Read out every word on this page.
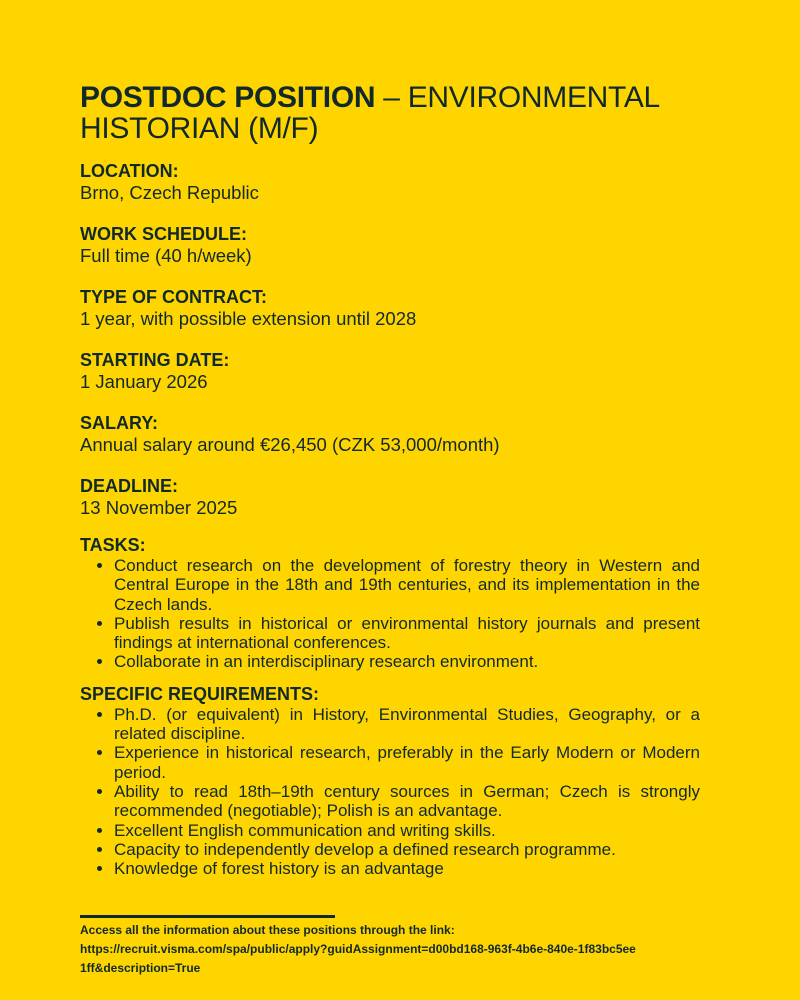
POSTDOC POSITION – ENVIRONMENTAL HISTORIAN (M/F)
LOCATION:
Brno, Czech Republic
WORK SCHEDULE:
Full time (40 h/week)
TYPE OF CONTRACT:
1 year, with possible extension until 2028
STARTING DATE:
1 January 2026
SALARY:
Annual salary around €26,450 (CZK 53,000/month)
DEADLINE:
13 November 2025
TASKS:
• Conduct research on the development of forestry theory in Western and Central Europe in the 18th and 19th centuries, and its implementation in the Czech lands.
• Publish results in historical or environmental history journals and present findings at international conferences.
• Collaborate in an interdisciplinary research environment.
SPECIFIC REQUIREMENTS:
• Ph.D. (or equivalent) in History, Environmental Studies, Geography, or a related discipline.
• Experience in historical research, preferably in the Early Modern or Modern period.
• Ability to read 18th–19th century sources in German; Czech is strongly recommended (negotiable); Polish is an advantage.
• Excellent English communication and writing skills.
• Capacity to independently develop a defined research programme.
• Knowledge of forest history is an advantage
Access all the information about these positions through the link:
https://recruit.visma.com/spa/public/apply?guidAssignment=d00bd168-963f-4b6e-840e-1f83bc5ee1ff&description=True
